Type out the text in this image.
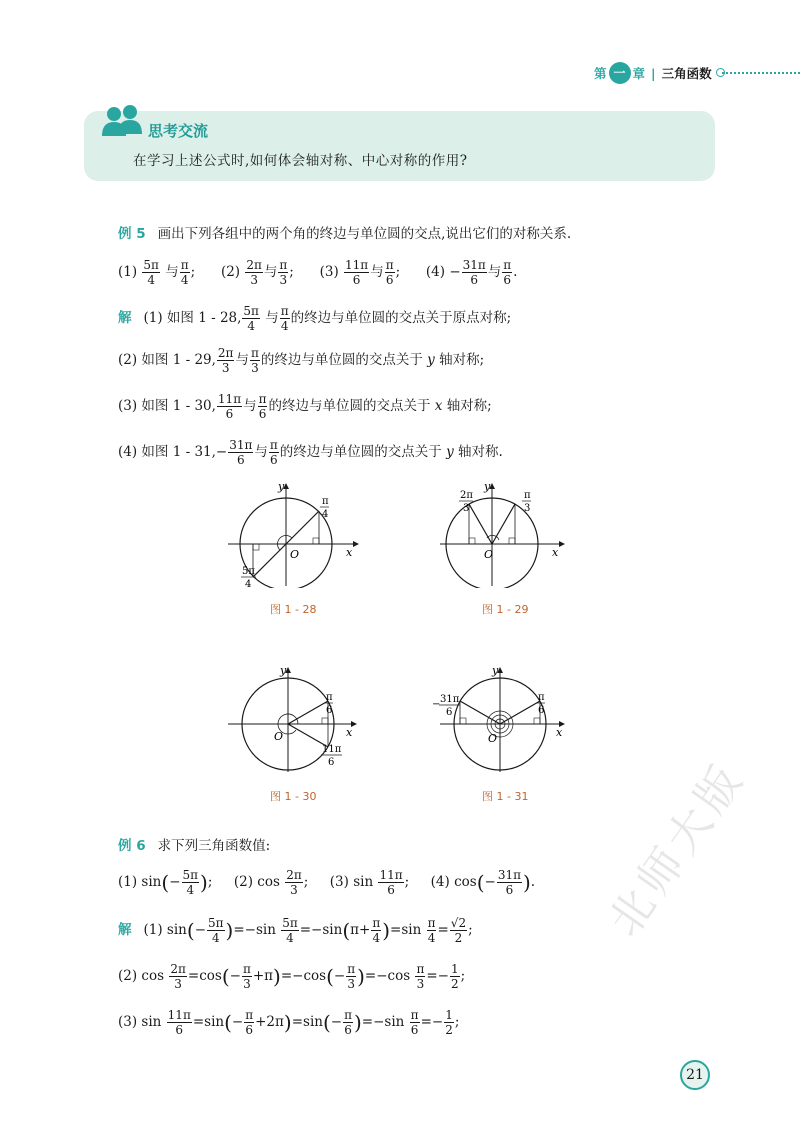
第 一 章 | 三角函数
思考交流
在学习上述公式时,如何体会轴对称、中心对称的作用?
例 5 画出下列各组中的两个角的终边与单位圆的交点,说出它们的对称关系.
$(1) \frac{5\pi}{4}$ 与 $\frac{\pi}{4}$ ; $(2) \frac{2\pi}{3}$ 与 $\frac{\pi}{3}$ ; $(3) \frac{11\pi}{6}$ 与 $\frac{\pi}{6}$ ; $(4) - \frac{31\pi}{6}$ 与 $\frac{\pi}{6}$ .
解 (1) 如图 1 - 28, $\frac{5\pi}{4}$ 与 $\frac{\pi}{4}$ 的终边与单位圆的交点关于原点对称;
(2) 如图 1 - 29, $\frac{2\pi}{3}$ 与 $\frac{\pi}{3}$ 的终边与单位圆的交点关于 y 轴对称;
(3) 如图 1 - 30, $\frac{11\pi}{6}$ 与 $\frac{\pi}{6}$ 的终边与单位圆的交点关于 x 轴对称;
(4) 如图 $1 - 31,- \frac{31\pi}{6}$ 与 $\frac{\pi}{6}$ 的终边与单位圆的交点关于 y 轴对称.
y
x
O
π
4
5π
4
图 1 - 28
y
x
O
2π
3
π
3
图 1 - 29
y
x
O
π
6
11π
6
图 1 - 30
y
x
O
π
6
− 31π
6
图 1 - 31
例 6 求下列三角函数值:
(1) $\sin(- \frac{5\pi}{4}$ ); (2) $\cos \frac{2\pi}{3}$ ; (3) $\sin \frac{11\pi}{6}$ ; (4) $\cos(- \frac{31\pi}{6}$ ).
解 (1) $\sin(- \frac{5\pi}{4} )=-\sin \frac{5\pi}{4} =-\sin(\pi+ \frac{\pi}{4} )=\sin \frac{\pi}{4} = \frac{√2}{2}$ ;
(2) $\cos \frac{2\pi}{3} =\cos(- \frac{\pi}{3} +\pi)=-\cos(- \frac{\pi}{3} )=-\cos \frac{\pi}{3} =- \frac{1}{2}$ ;
(3) $\sin \frac{11\pi}{6} =\sin(- \frac{\pi}{6} +2\pi)=\sin(- \frac{\pi}{6} )=-\sin \frac{\pi}{6} =- \frac{1}{2}$ ;
北师大版
21
